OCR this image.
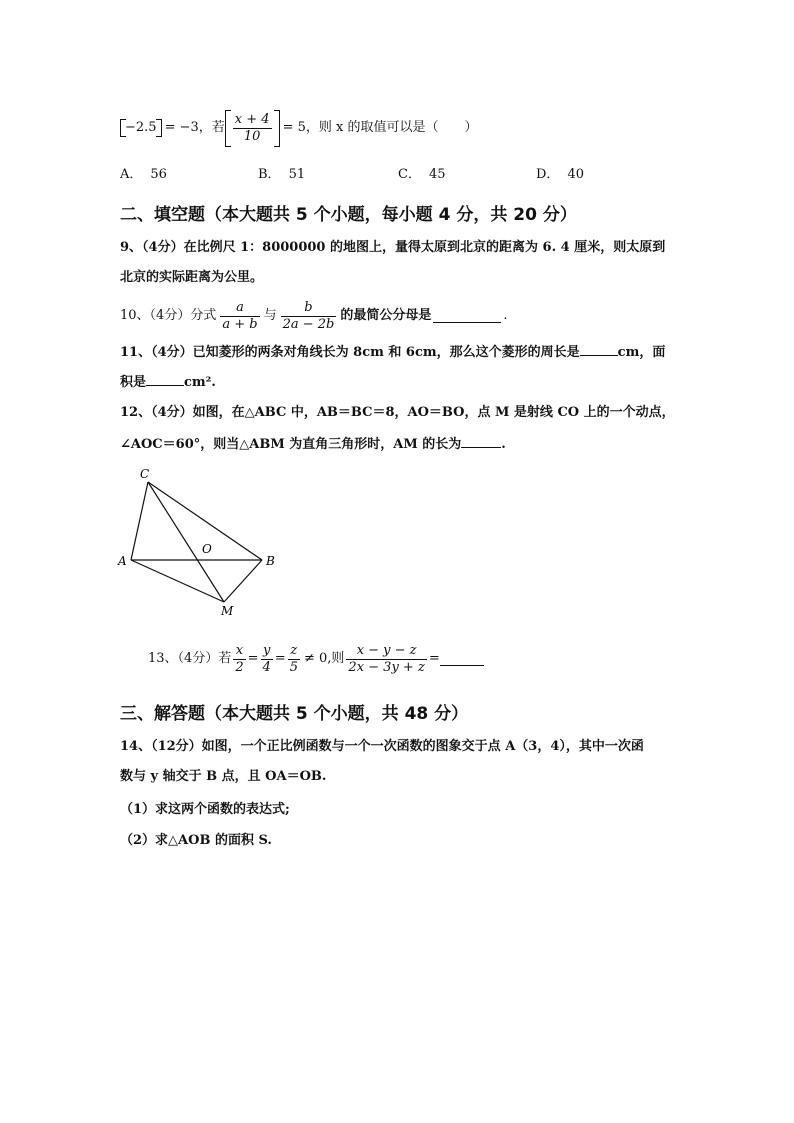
−2.5 = −3， 若 $\frac{x + 4}{10} = 5$， 则 x 的取值可以是（　　）
A． 56	B． 51	C． 45	D． 40
二、填空题（本大题共 5 个小题，每小题 4 分，共 20 分）
9、（4分）在比例尺 1：8000000 的地图上，量得太原到北京的距离为 6. 4 厘米，则太原到
北京的实际距离为公里。
10、（4分）分式 $\frac{a}{a + b}$ 与 $\frac{b}{2a - 2b}$ 的最简公分母是	.
11、（4分）已知菱形的两条对角线长为 8cm 和 6cm，那么这个菱形的周长是	cm，面
积是	cm².
12、（4分）如图，在△ABC 中，AB＝BC＝8，AO＝BO，点 M 是射线 CO 上的一个动点，
∠AOC＝60°，则当△ABM 为直角三角形时，AM 的长为	.
C
A
O
B
M
13、（4分）若 $\frac{x}{2} = \frac{y}{4} = \frac{z}{5} \ne 0$,则 $\frac{x - y - z}{2x - 3y + z}$ =
三、解答题（本大题共 5 个小题，共 48 分）
14、（12分）如图，一个正比例函数与一个一次函数的图象交于点 A（3，4），其中一次函
数与 y 轴交于 B 点，且 OA＝OB.
（1）求这两个函数的表达式;
（2）求△AOB 的面积 S.
